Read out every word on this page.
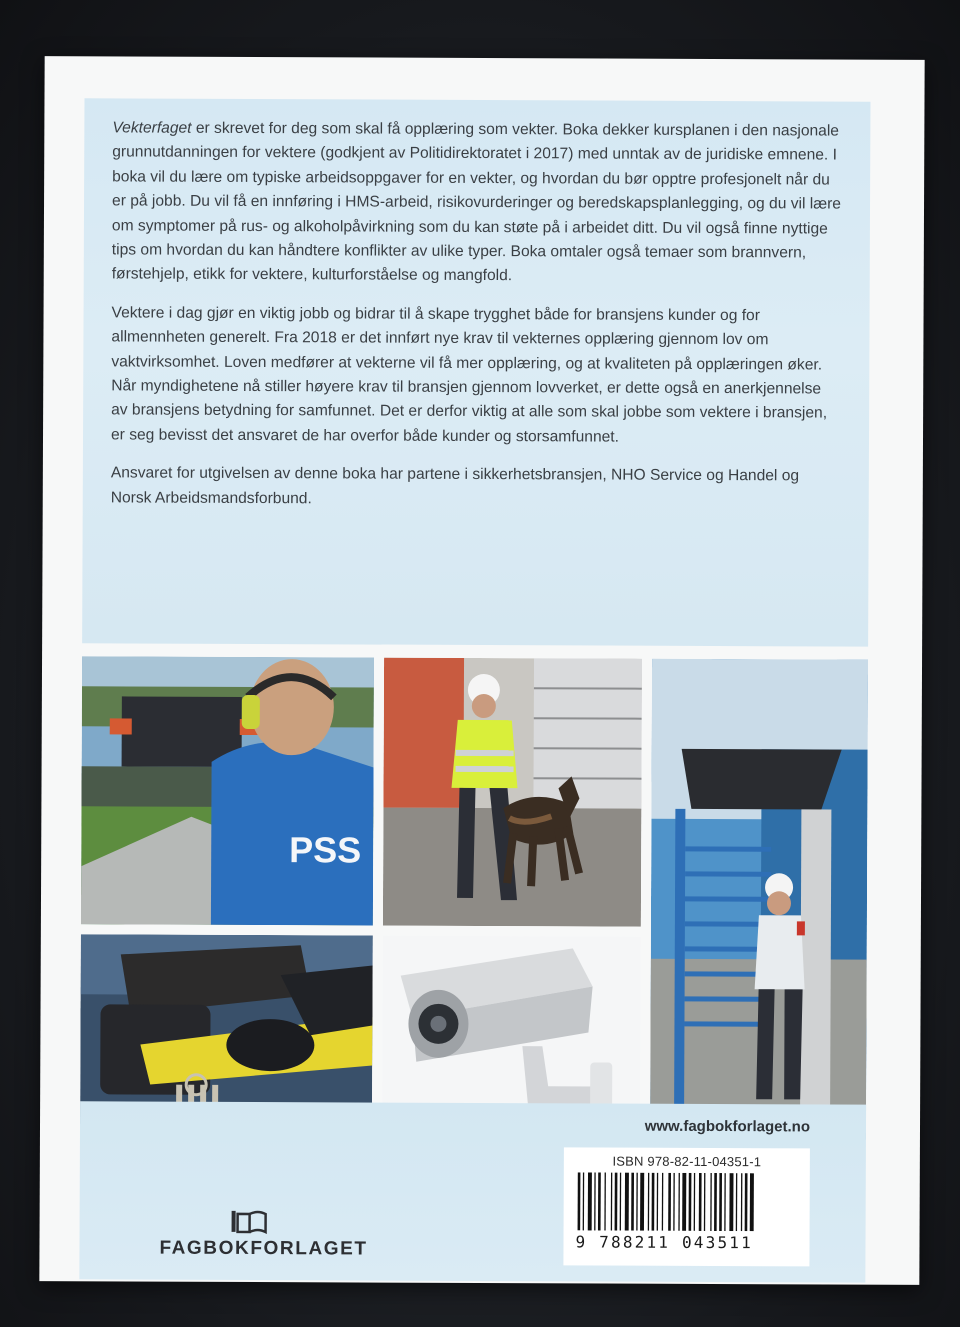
Vekterfaget er skrevet for deg som skal få opplæring som vekter. Boka dekker kursplanen i den nasjonale grunnutdanningen for vektere (godkjent av Politidirektoratet i 2017) med unntak av de juridiske emnene. I boka vil du lære om typiske arbeidsoppgaver for en vekter, og hvordan du bør opptre profesjonelt når du er på jobb. Du vil få en innføring i HMS-arbeid, risikovurderinger og beredskapsplanlegging, og du vil lære om symptomer på rus- og alkoholpåvirkning som du kan støte på i arbeidet ditt. Du vil også finne nyttige tips om hvordan du kan håndtere konflikter av ulike typer. Boka omtaler også temaer som brannvern, førstehjelp, etikk for vektere, kulturforståelse og mangfold.

Vektere i dag gjør en viktig jobb og bidrar til å skape trygghet både for bransjens kunder og for allmennheten generelt. Fra 2018 er det innført nye krav til vekternes opplæring gjennom lov om vaktvirksomhet. Loven medfører at vekterne vil få mer opplæring, og at kvaliteten på opplæringen øker. Når myndighetene nå stiller høyere krav til bransjen gjennom lovverket, er dette også en anerkjennelse av bransjens betydning for samfunnet. Det er derfor viktig at alle som skal jobbe som vektere i bransjen, er seg bevisst det ansvaret de har overfor både kunder og storsamfunnet.

Ansvaret for utgivelsen av denne boka har partene i sikkerhetsbransjen, NHO Service og Handel og Norsk Arbeidsmandsforbund.

PSS
www.fagbokforlaget.no
ISBN 978-82-11-04351-1
9 788211 043511
FAGBOKFORLAGET
